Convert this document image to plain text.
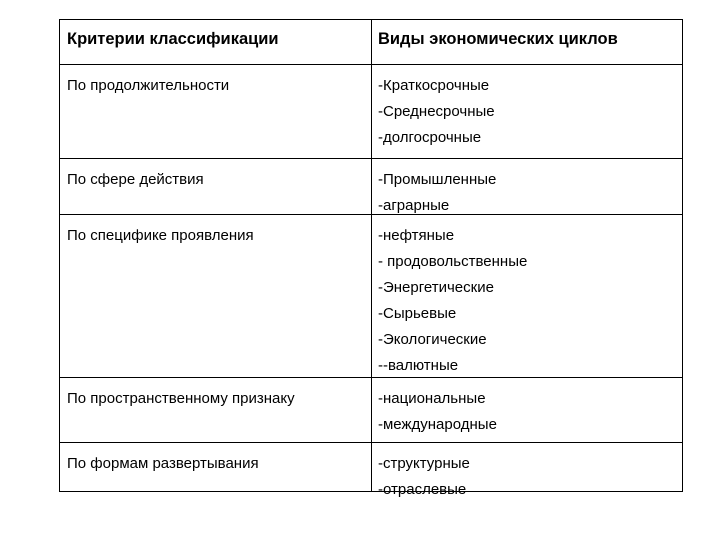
Критерии классификации	Виды экономических циклов
По продолжительности	-Краткосрочные
-Среднесрочные
-долгосрочные
По сфере действия	-Промышленные
-аграрные
По специфике проявления	-нефтяные
- продовольственные
-Энергетические
-Сырьевые
-Экологические
--валютные
По пространственному признаку	-национальные
-международные
По формам развертывания	-структурные
-отраслевые
